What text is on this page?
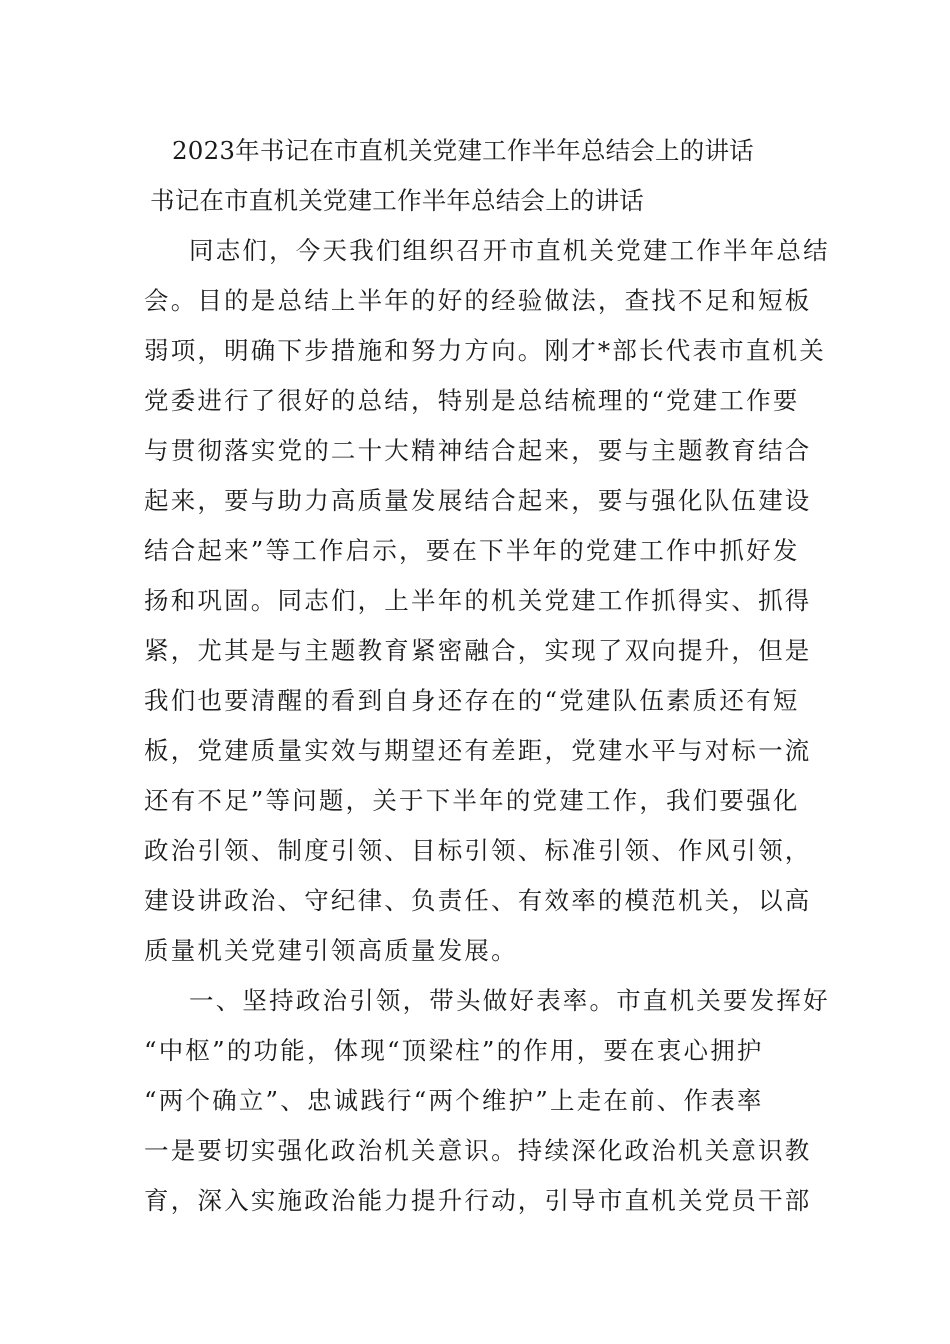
2023年书记在市直机关党建工作半年总结会上的讲话
书记在市直机关党建工作半年总结会上的讲话
同志们，今天我们组织召开市直机关党建工作半年总结
会。目的是总结上半年的好的经验做法，查找不足和短板
弱项，明确下步措施和努力方向。刚才*部长代表市直机关
党委进行了很好的总结，特别是总结梳理的“党建工作要
与贯彻落实党的二十大精神结合起来，要与主题教育结合
起来，要与助力高质量发展结合起来，要与强化队伍建设
结合起来”等工作启示，要在下半年的党建工作中抓好发
扬和巩固。同志们，上半年的机关党建工作抓得实、抓得
紧，尤其是与主题教育紧密融合，实现了双向提升，但是
我们也要清醒的看到自身还存在的“党建队伍素质还有短
板，党建质量实效与期望还有差距，党建水平与对标一流
还有不足”等问题，关于下半年的党建工作，我们要强化
政治引领、制度引领、目标引领、标准引领、作风引领，
建设讲政治、守纪律、负责任、有效率的模范机关，以高
质量机关党建引领高质量发展。
一、坚持政治引领，带头做好表率。市直机关要发挥好
“中枢”的功能，体现“顶梁柱”的作用，要在衷心拥护
“两个确立”、忠诚践行“两个维护”上走在前、作表率
一是要切实强化政治机关意识。持续深化政治机关意识教
育，深入实施政治能力提升行动，引导市直机关党员干部
